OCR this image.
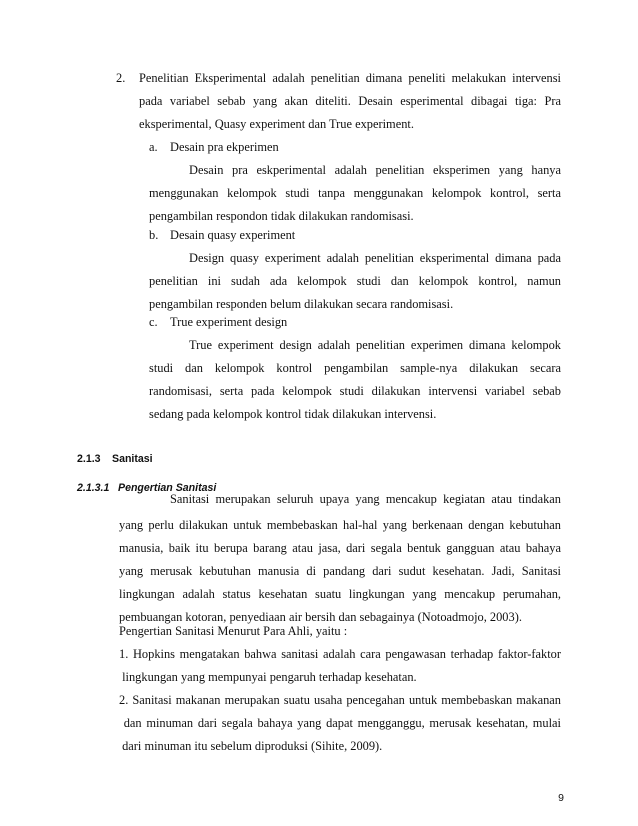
2. Penelitian Eksperimental adalah penelitian dimana peneliti melakukan intervensi
pada variabel sebab yang akan diteliti. Desain esperimental dibagai tiga: Pra
eksperimental, Quasy experiment dan True experiment.
a. Desain pra ekperimen
Desain pra eskperimental adalah penelitian eksperimen yang hanya
menggunakan kelompok studi tanpa menggunakan kelompok kontrol, serta
pengambilan respondon tidak dilakukan randomisasi.
b. Desain quasy experiment
Design quasy experiment adalah penelitian eksperimental dimana pada
penelitian ini sudah ada kelompok studi dan kelompok kontrol, namun
pengambilan responden belum dilakukan secara randomisasi.
c. True experiment design
True experiment design adalah penelitian experimen dimana kelompok
studi dan kelompok kontrol pengambilan sample-nya dilakukan secara
randomisasi, serta pada kelompok studi dilakukan intervensi variabel sebab
sedang pada kelompok kontrol tidak dilakukan intervensi.
2.1.3 Sanitasi
2.1.3.1 Pengertian Sanitasi
Sanitasi merupakan seluruh upaya yang mencakup kegiatan atau tindakan
yang perlu dilakukan untuk membebaskan hal-hal yang berkenaan dengan kebutuhan
manusia, baik itu berupa barang atau jasa, dari segala bentuk gangguan atau bahaya
yang merusak kebutuhan manusia di pandang dari sudut kesehatan. Jadi, Sanitasi
lingkungan adalah status kesehatan suatu lingkungan yang mencakup perumahan,
pembuangan kotoran, penyediaan air bersih dan sebagainya (Notoadmojo, 2003).
Pengertian Sanitasi Menurut Para Ahli, yaitu :
1. Hopkins mengatakan bahwa sanitasi adalah cara pengawasan terhadap faktor-faktor
lingkungan yang mempunyai pengaruh terhadap kesehatan.
2. Sanitasi makanan merupakan suatu usaha pencegahan untuk membebaskan makanan
dan minuman dari segala bahaya yang dapat mengganggu, merusak kesehatan, mulai
dari minuman itu sebelum diproduksi (Sihite, 2009).
9
